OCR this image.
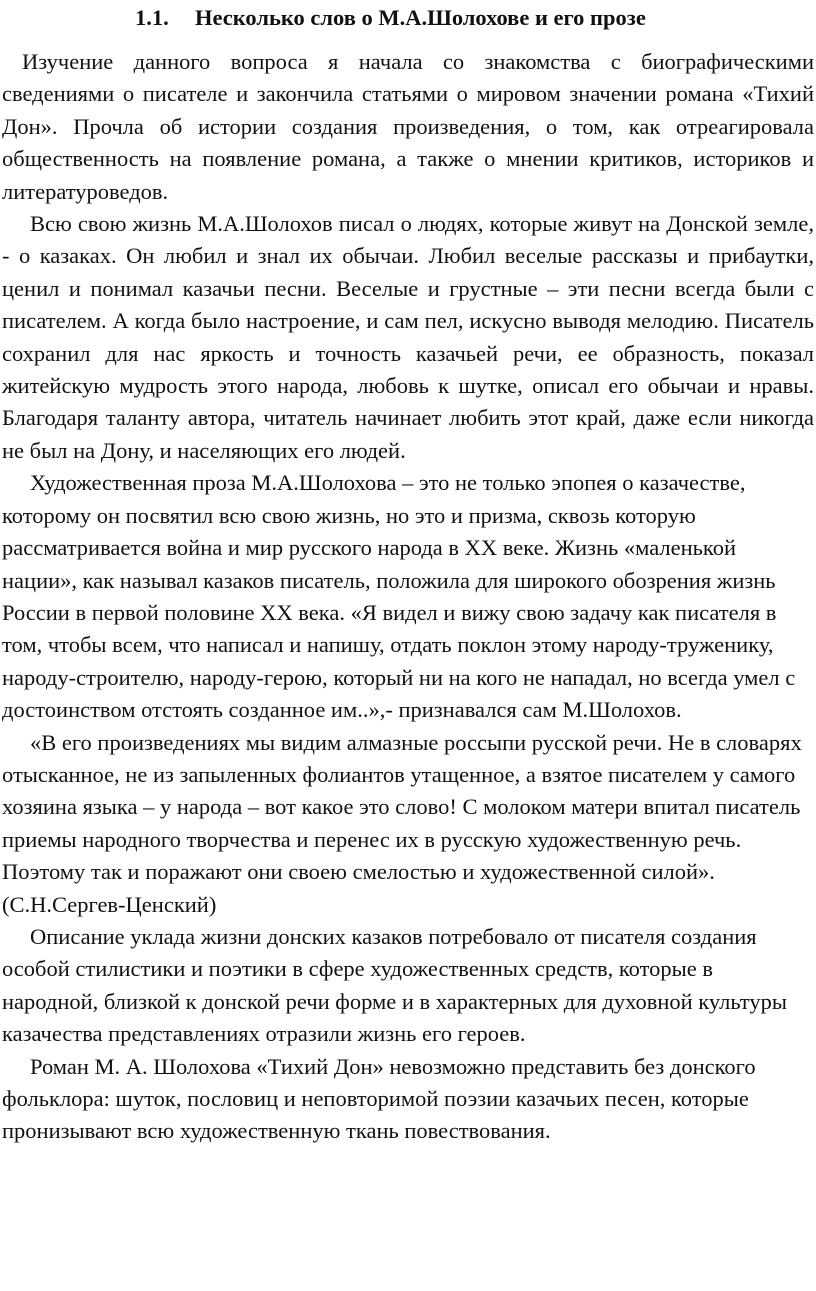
1.1. Несколько слов о М.А.Шолохове и его прозе

Изучение данного вопроса я начала со знакомства с биографическими сведениями о писателе и закончила статьями о мировом значении романа «Тихий Дон». Прочла об истории создания произведения, о том, как отреагировала общественность на появление романа, а также о мнении критиков, историков и литературоведов.

Всю свою жизнь М.А.Шолохов писал о людях, которые живут на Донской земле, - о казаках. Он любил и знал их обычаи. Любил веселые рассказы и прибаутки, ценил и понимал казачьи песни. Веселые и грустные – эти песни всегда были с писателем. А когда было настроение, и сам пел, искусно выводя мелодию. Писатель сохранил для нас яркость и точность казачьей речи, ее образность, показал житейскую мудрость этого народа, любовь к шутке, описал его обычаи и нравы. Благодаря таланту автора, читатель начинает любить этот край, даже если никогда не был на Дону, и населяющих его людей.

Художественная проза М.А.Шолохова – это не только эпопея о казачестве, которому он посвятил всю свою жизнь, но это и призма, сквозь которую рассматривается война и мир русского народа в ХХ веке. Жизнь «маленькой нации», как называл казаков писатель, положила для широкого обозрения жизнь России в первой половине ХХ века. «Я видел и вижу свою задачу как писателя в том, чтобы всем, что написал и напишу, отдать поклон этому народу-труженику, народу-строителю, народу-герою, который ни на кого не нападал, но всегда умел с достоинством отстоять созданное им..»,- признавался сам М.Шолохов.

«В его произведениях мы видим алмазные россыпи русской речи. Не в словарях отысканное, не из запыленных фолиантов утащенное, а взятое писателем у самого хозяина языка – у народа – вот какое это слово! С молоком матери впитал писатель приемы народного творчества и перенес их в русскую художественную речь. Поэтому так и поражают они своею смелостью и художественной силой».(С.Н.Сергев-Ценский)

Описание уклада жизни донских казаков потребовало от писателя создания особой стилистики и поэтики в сфере художественных средств, которые в народной, близкой к донской речи форме и в характерных для духовной культуры казачества представлениях отразили жизнь его героев.

Роман М. А. Шолохова «Тихий Дон» невозможно представить без донского фольклора: шуток, пословиц и неповторимой поэзии казачьих песен, которые пронизывают всю художественную ткань повествования.
